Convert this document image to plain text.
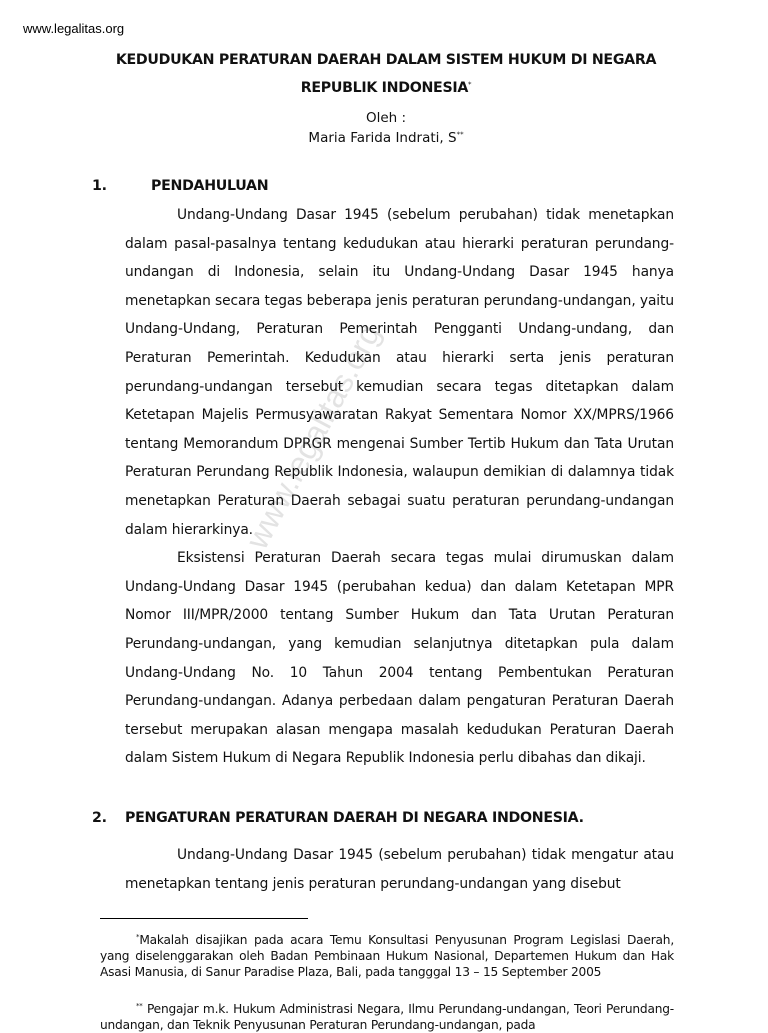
www.legalitas.org
www.legalitas.org
KEDUDUKAN PERATURAN DAERAH DALAM SISTEM HUKUM DI NEGARA
REPUBLIK INDONESIA*
Oleh :
Maria Farida Indrati, S**
1.	PENDAHULUAN

Undang-Undang Dasar 1945 (sebelum perubahan) tidak menetapkan dalam pasal-pasalnya tentang kedudukan atau hierarki peraturan perundang-undangan di Indonesia, selain itu Undang-Undang Dasar 1945 hanya menetapkan secara tegas beberapa jenis peraturan perundang-undangan, yaitu Undang-Undang, Peraturan Pemerintah Pengganti Undang-undang, dan Peraturan Pemerintah. Kedudukan atau hierarki serta jenis peraturan perundang-undangan tersebut kemudian secara tegas ditetapkan dalam Ketetapan Majelis Permusyawaratan Rakyat Sementara Nomor XX/MPRS/1966 tentang Memorandum DPRGR mengenai Sumber Tertib Hukum dan Tata Urutan Peraturan Perundang Republik Indonesia, walaupun demikian di dalamnya tidak menetapkan Peraturan Daerah sebagai suatu peraturan perundang-undangan dalam hierarkinya.

Eksistensi Peraturan Daerah secara tegas mulai dirumuskan dalam Undang-Undang Dasar 1945 (perubahan kedua) dan dalam Ketetapan MPR Nomor III/MPR/2000 tentang Sumber Hukum dan Tata Urutan Peraturan Perundang-undangan, yang kemudian selanjutnya ditetapkan pula dalam Undang-Undang No. 10 Tahun 2004 tentang Pembentukan Peraturan Perundang-undangan. Adanya perbedaan dalam pengaturan Peraturan Daerah tersebut merupakan alasan mengapa masalah kedudukan Peraturan Daerah dalam Sistem Hukum di Negara Republik Indonesia perlu dibahas dan dikaji.

2. PENGATURAN PERATURAN DAERAH DI NEGARA INDONESIA.

Undang-Undang Dasar 1945 (sebelum perubahan) tidak mengatur atau menetapkan tentang jenis peraturan perundang-undangan yang disebut

*Makalah disajikan pada acara Temu Konsultasi Penyusunan Program Legislasi Daerah, yang diselenggarakan oleh Badan Pembinaan Hukum Nasional, Departemen Hukum dan Hak Asasi Manusia, di Sanur Paradise Plaza, Bali, pada tangggal 13 – 15 September 2005

** Pengajar m.k. Hukum Administrasi Negara, Ilmu Perundang-undangan, Teori Perundang-undangan, dan Teknik Penyusunan Peraturan Perundang-undangan, pada
